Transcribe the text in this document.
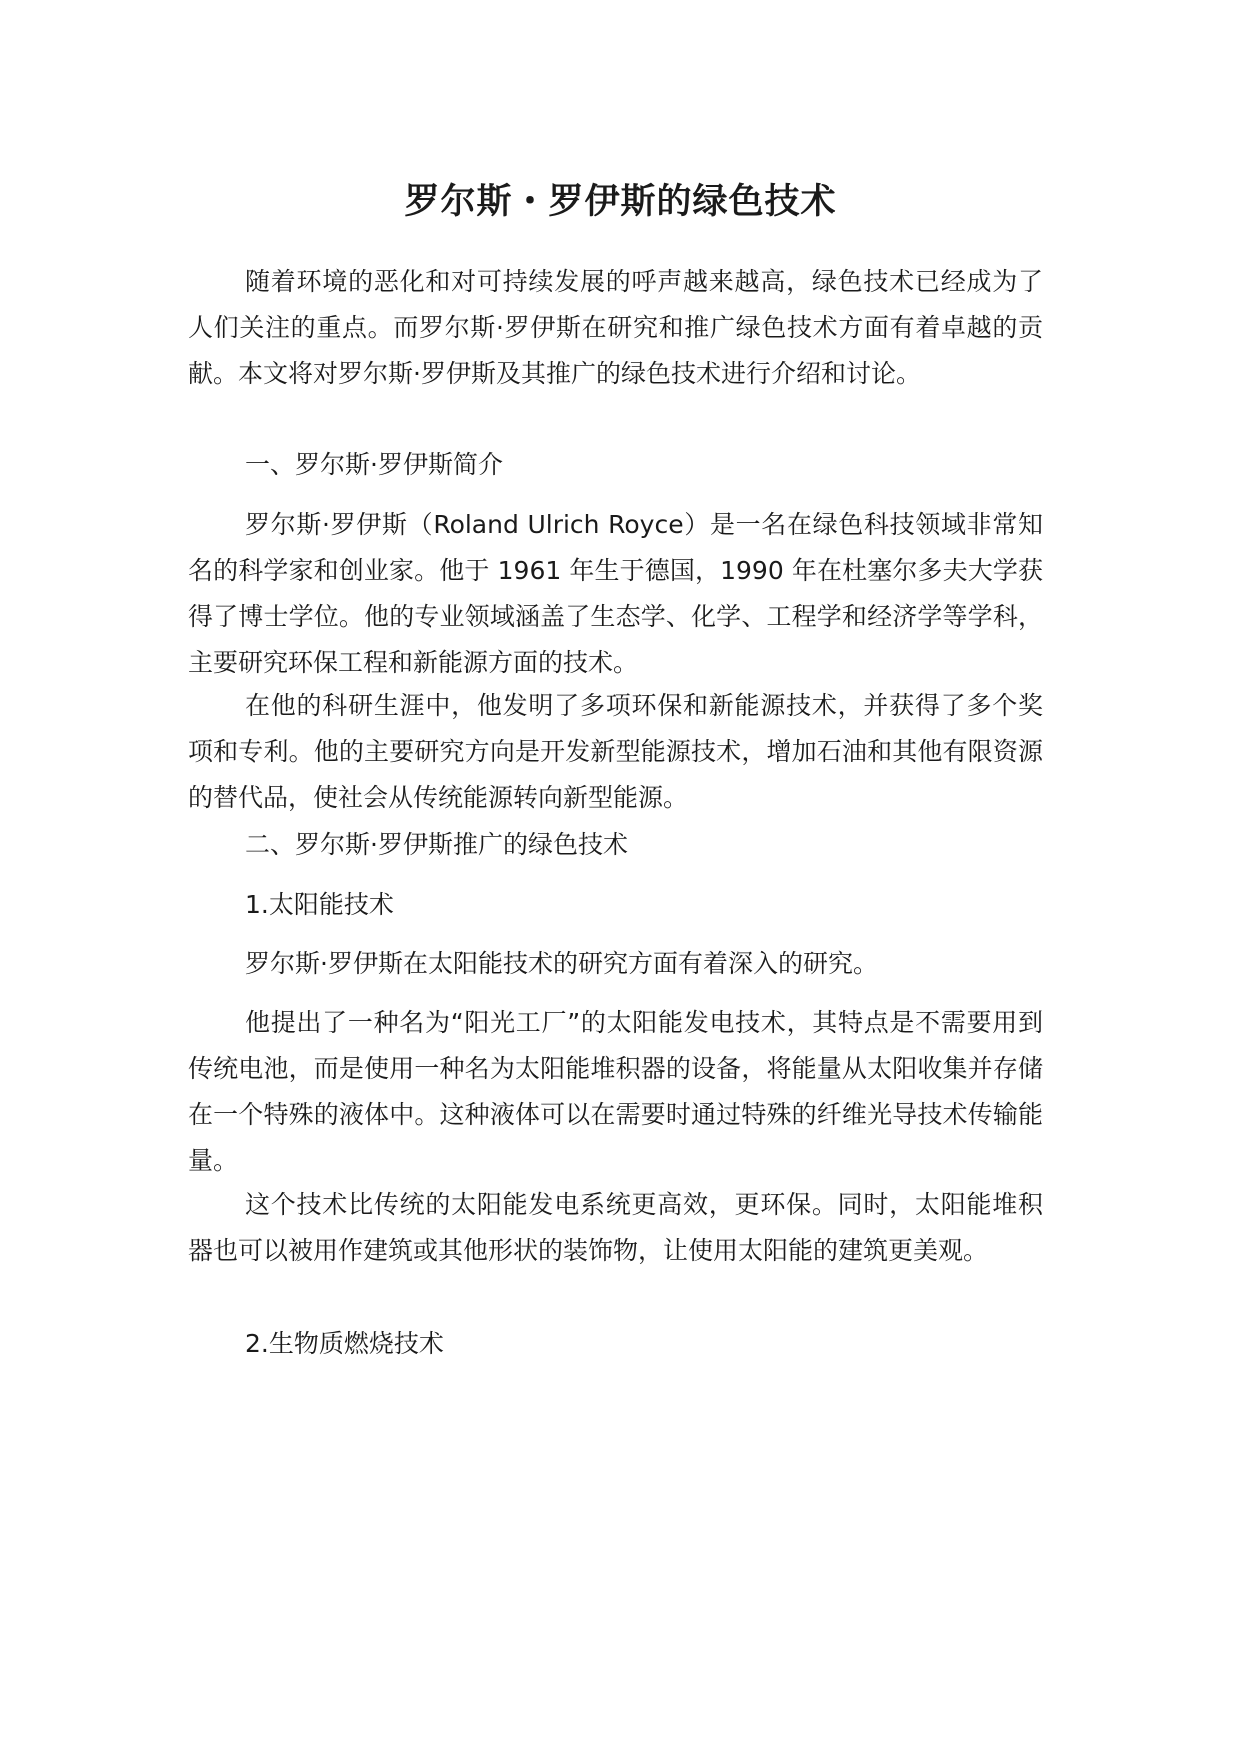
罗尔斯・罗伊斯的绿色技术

随着环境的恶化和对可持续发展的呼声越来越高，绿色技术已经成为了人们关注的重点。而罗尔斯·罗伊斯在研究和推广绿色技术方面有着卓越的贡献。本文将对罗尔斯·罗伊斯及其推广的绿色技术进行介绍和讨论。

一、罗尔斯·罗伊斯简介

罗尔斯·罗伊斯（Roland Ulrich Royce）是一名在绿色科技领域非常知名的科学家和创业家。他于 1961 年生于德国，1990 年在杜塞尔多夫大学获得了博士学位。他的专业领域涵盖了生态学、化学、工程学和经济学等学科，主要研究环保工程和新能源方面的技术。

在他的科研生涯中，他发明了多项环保和新能源技术，并获得了多个奖项和专利。他的主要研究方向是开发新型能源技术，增加石油和其他有限资源的替代品，使社会从传统能源转向新型能源。

二、罗尔斯·罗伊斯推广的绿色技术

1.太阳能技术

罗尔斯·罗伊斯在太阳能技术的研究方面有着深入的研究。

他提出了一种名为“阳光工厂”的太阳能发电技术，其特点是不需要用到传统电池，而是使用一种名为太阳能堆积器的设备，将能量从太阳收集并存储在一个特殊的液体中。这种液体可以在需要时通过特殊的纤维光导技术传输能量。

这个技术比传统的太阳能发电系统更高效，更环保。同时，太阳能堆积器也可以被用作建筑或其他形状的装饰物，让使用太阳能的建筑更美观。

2.生物质燃烧技术
